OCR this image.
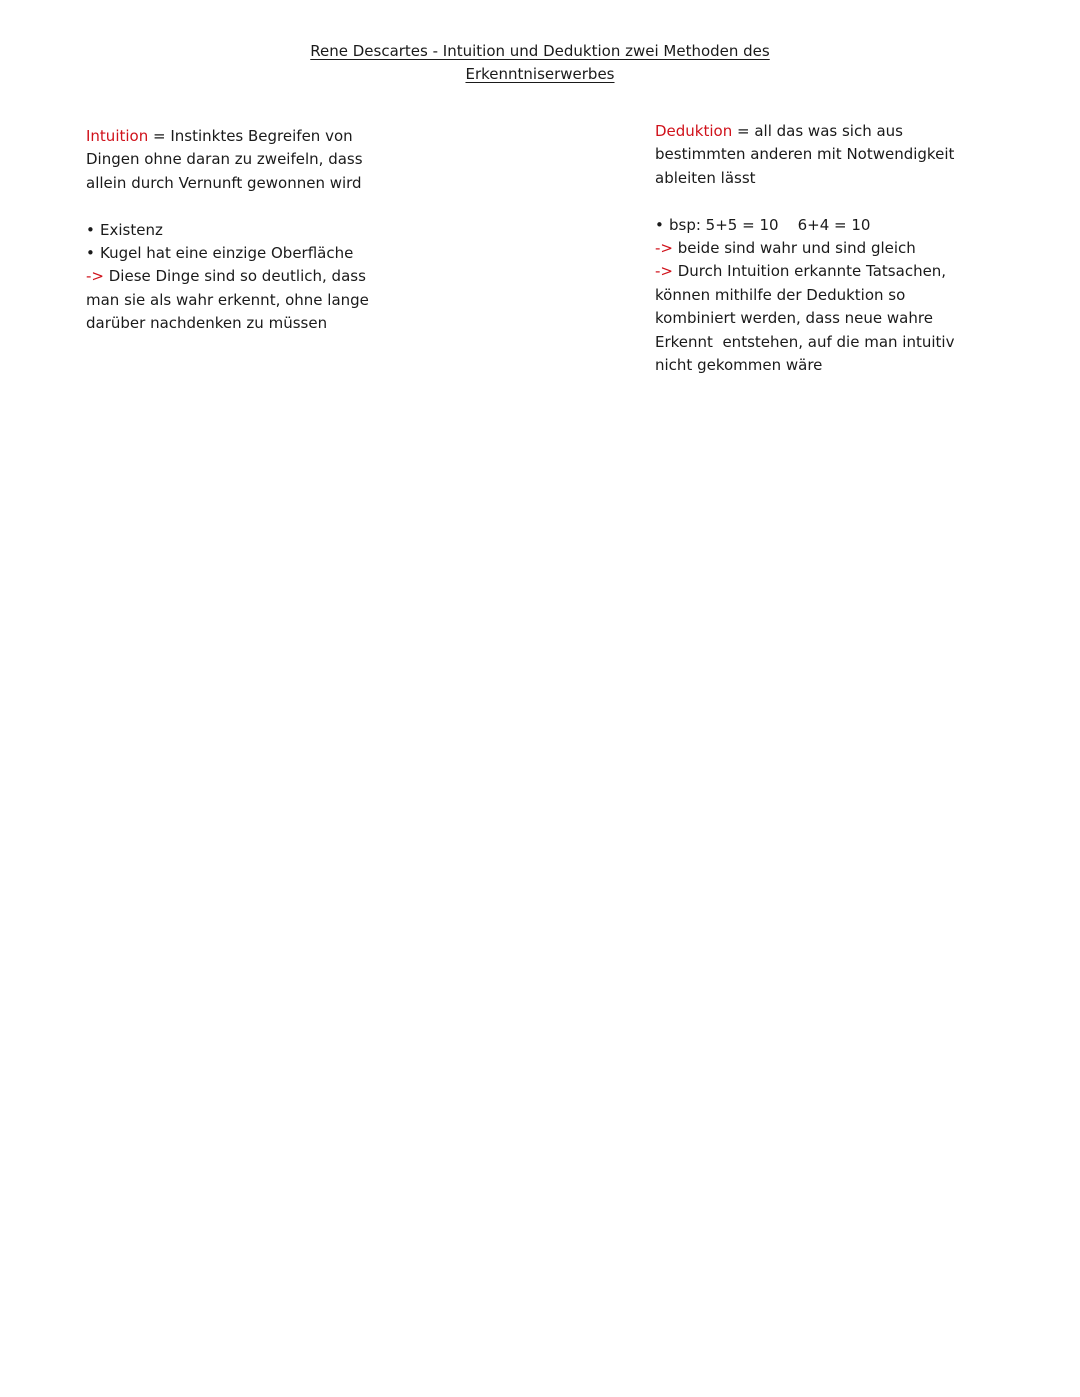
Rene Descartes - Intuition und Deduktion zwei Methoden des
Erkenntniserwerbes
Intuition = Instinktes Begreifen von
Dingen ohne daran zu zweifeln, dass
allein durch Vernunft gewonnen wird
• Existenz
• Kugel hat eine einzige Oberfläche
-> Diese Dinge sind so deutlich, dass
man sie als wahr erkennt, ohne lange
darüber nachdenken zu müssen
Deduktion = all das was sich aus
bestimmten anderen mit Notwendigkeit
ableiten lässt
• bsp: 5+5 = 10    6+4 = 10
-> beide sind wahr und sind gleich
-> Durch Intuition erkannte Tatsachen,
können mithilfe der Deduktion so
kombiniert werden, dass neue wahre
Erkennt  entstehen, auf die man intuitiv
nicht gekommen wäre
